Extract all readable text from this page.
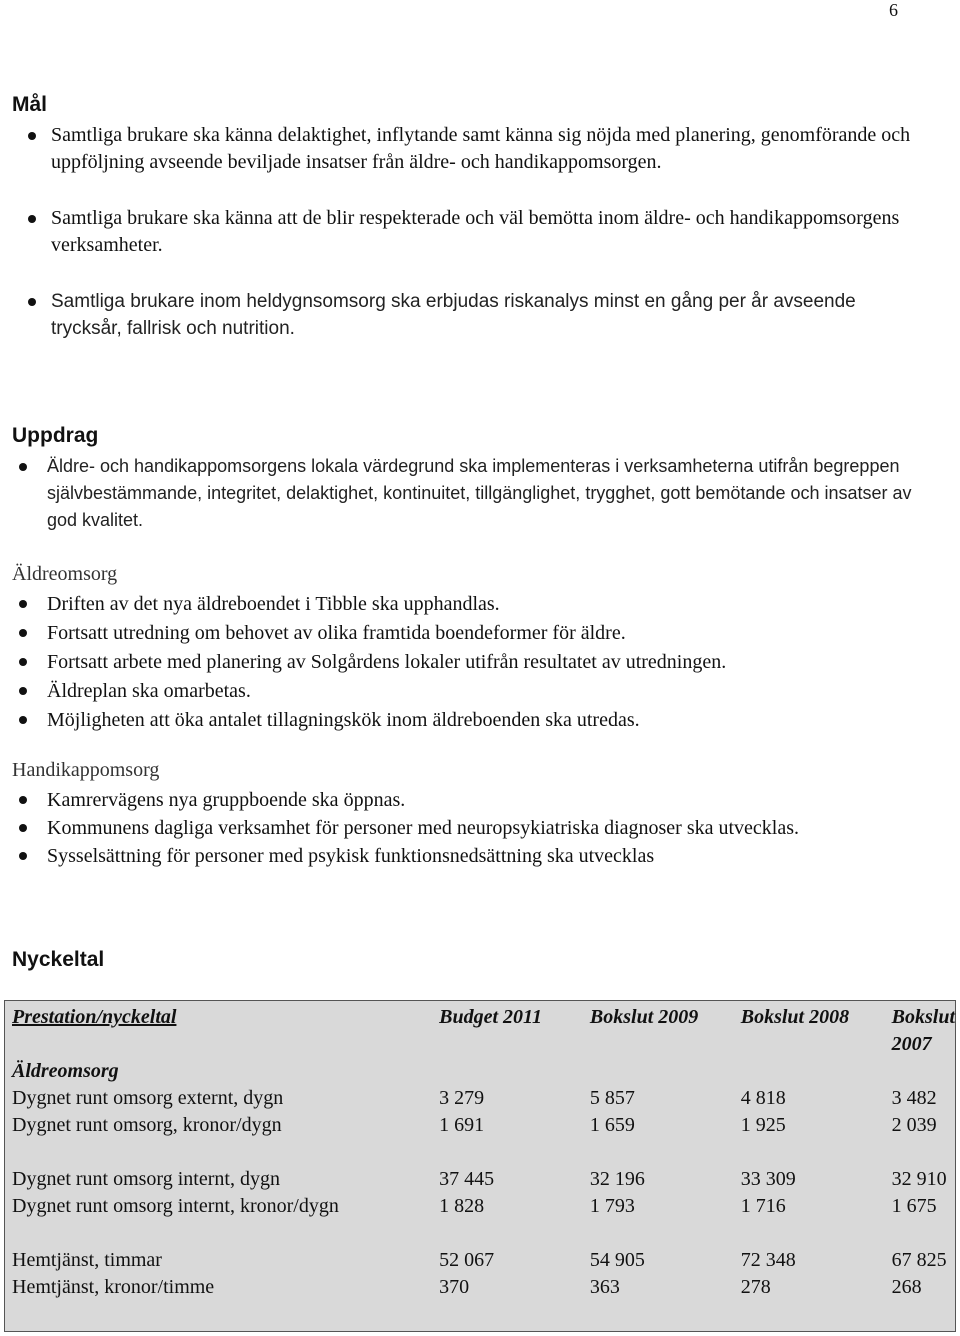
6
Mål
Samtliga brukare ska känna delaktighet, inflytande samt känna sig nöjda med planering, genomförande och uppföljning avseende beviljade insatser från äldre- och handikappomsorgen.
Samtliga brukare ska känna att de blir respekterade och väl bemötta inom äldre- och handikappomsorgens verksamheter.
Samtliga brukare inom heldygnsomsorg ska erbjudas riskanalys minst en gång per år avseende trycksår, fallrisk och nutrition.
Uppdrag
Äldre- och handikappomsorgens lokala värdegrund ska implementeras i verksamheterna utifrån begreppen självbestämmande, integritet, delaktighet, kontinuitet, tillgänglighet, trygghet, gott bemötande och insatser av god kvalitet.
Äldreomsorg
Driften av det nya äldreboendet i Tibble ska upphandlas.
Fortsatt utredning om behovet av olika framtida boendeformer för äldre.
Fortsatt arbete med planering av Solgårdens lokaler utifrån resultatet av utredningen.
Äldreplan ska omarbetas.
Möjligheten att öka antalet tillagningskök inom äldreboenden ska utredas.
Handikappomsorg
Kamrervägens nya gruppboende ska öppnas.
Kommunens dagliga verksamhet för personer med neuropsykiatriska diagnoser ska utvecklas.
Sysselsättning för personer med psykisk funktionsnedsättning ska utvecklas
Nyckeltal
Prestation/nyckeltal	Budget 2011	Bokslut 2009	Bokslut 2008	Bokslut 2007
Äldreomsorg				
Dygnet runt omsorg externt, dygn	3 279	5 857	4 818	3 482
Dygnet runt omsorg, kronor/dygn	1 691	1 659	1 925	2 039

Dygnet runt omsorg internt, dygn	37 445	32 196	33 309	32 910
Dygnet runt omsorg internt, kronor/dygn	1 828	1 793	1 716	1 675

Hemtjänst, timmar	52 067	54 905	72 348	67 825
Hemtjänst, kronor/timme	370	363	278	268
